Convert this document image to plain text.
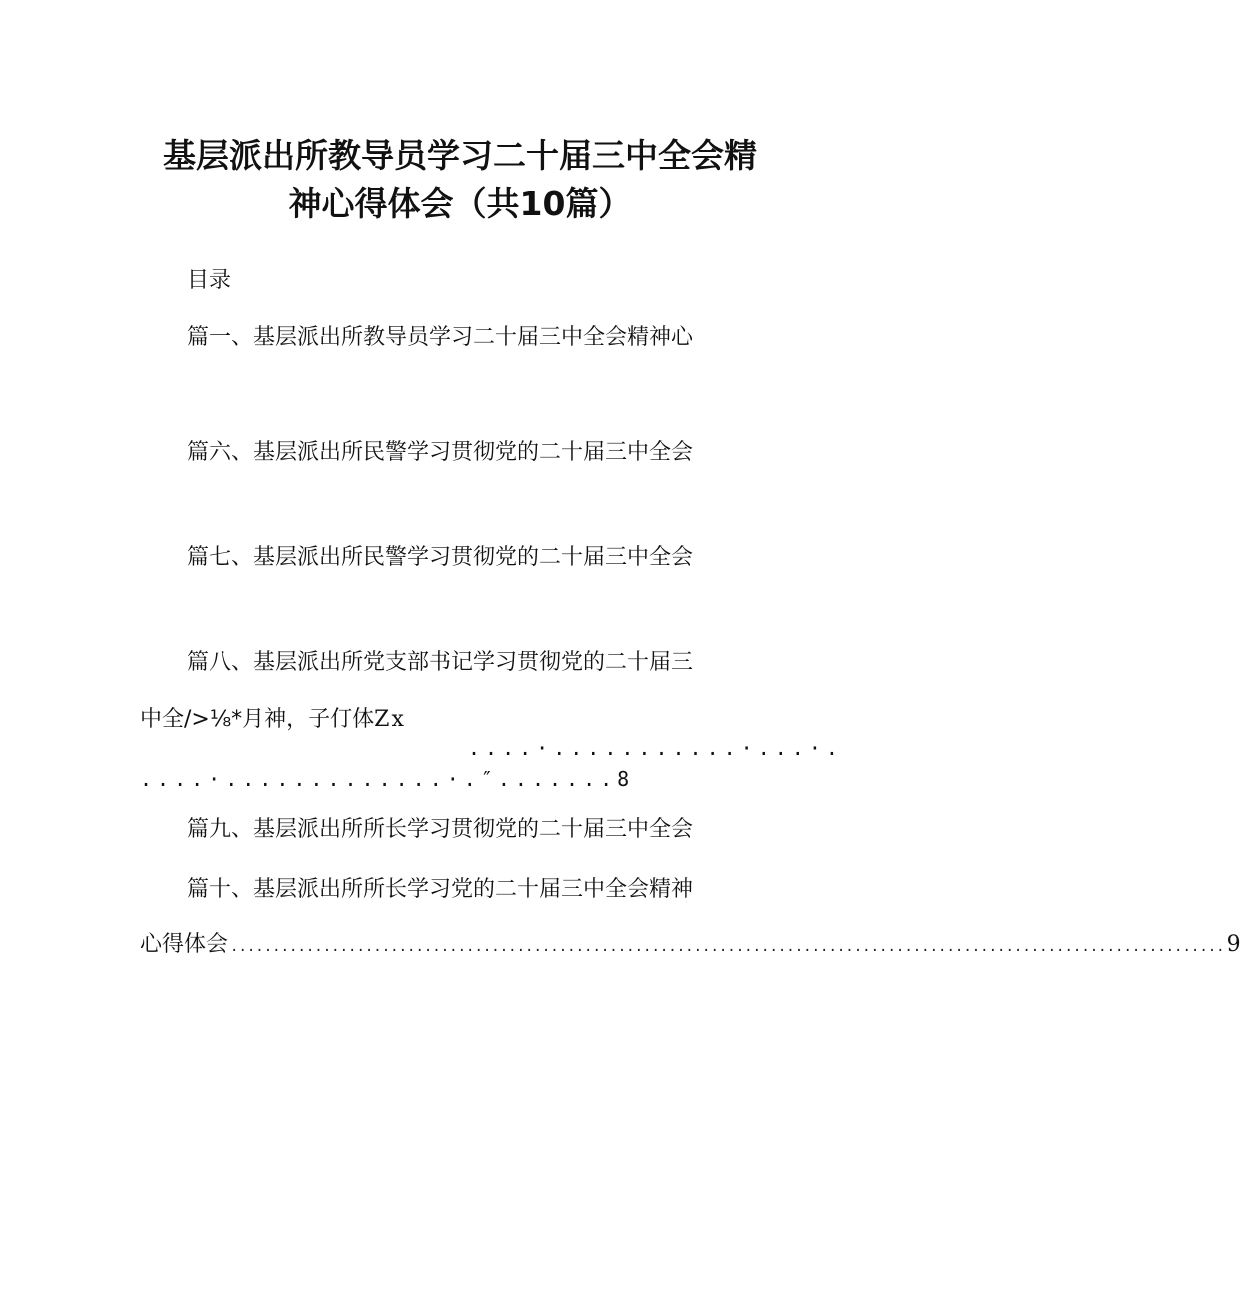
基层派出所教导员学习二十届三中全会精
神心得体会（共10篇）
目录
篇一、基层派出所教导员学习二十届三中全会精神心
篇六、基层派出所民警学习贯彻党的二十届三中全会
篇七、基层派出所民警学习贯彻党的二十届三中全会
篇八、基层派出所党支部书记学习贯彻党的二十届三
中全/>⅛*月神，子仃体Zx
....·...........·...·.
....·.............·.″.......8
篇九、基层派出所所长学习贯彻党的二十届三中全会
篇十、基层派出所所长学习党的二十届三中全会精神
心得体会 ...................................................................................................................... 9
